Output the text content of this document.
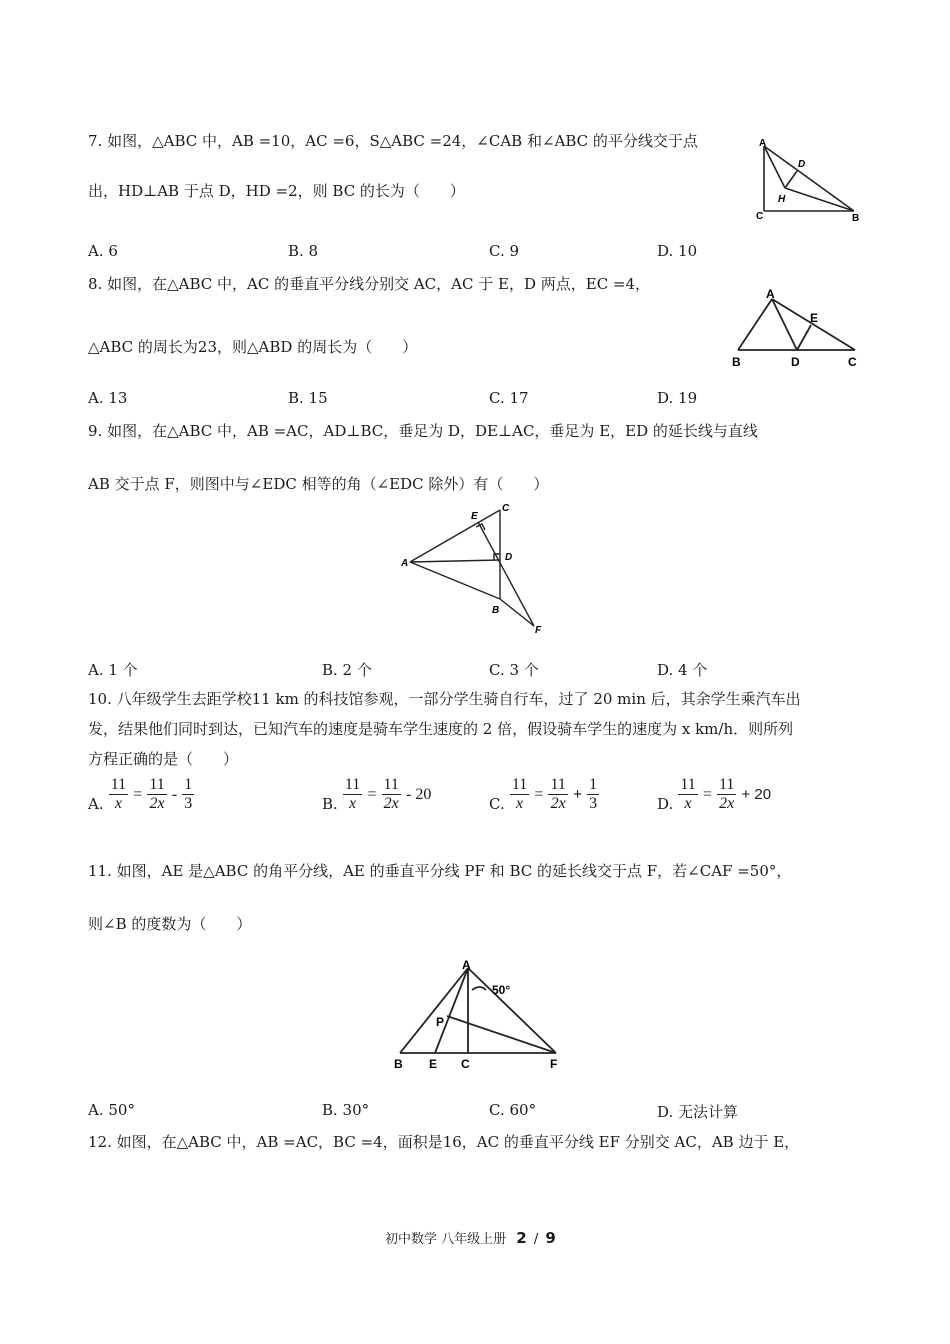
7. 如图，△ABC 中，AB =10，AC =6，S△ABC =24，∠CAB 和∠ABC 的平分线交于点
出，HD⊥AB 于点 D，HD =2，则 BC 的长为（　　）
A
D
H
C	B
A. 6	B. 8	C. 9	D. 10
8. 如图，在△ABC 中，AC 的垂直平分线分别交 AC，AC 于 E，D 两点，EC =4，
△ABC 的周长为23，则△ABD 的周长为（　　）
A
E
B	D	C
A. 13	B. 15	C. 17	D. 19
9. 如图，在△ABC 中，AB =AC，AD⊥BC，垂足为 D，DE⊥AC，垂足为 E，ED 的延长线与直线
AB 交于点 F，则图中与∠EDC 相等的角（∠EDC 除外）有（　　）
E
C
A
D
B
F
A. 1 个	B. 2 个	C. 3 个	D. 4 个
10. 八年级学生去距学校11 km 的科技馆参观，一部分学生骑自行车，过了 20 min 后，其余学生乘汽车出
发，结果他们同时到达，已知汽车的速度是骑车学生速度的 2 倍，假设骑车学生的速度为 x km/h．则所列
方程正确的是（　　）
A. $\frac{11}{x} = \frac{11}{2x} - \frac{1}{3}$	B. $\frac{11}{x} = \frac{11}{2x} - 20$
C. $\frac{11}{x} = \frac{11}{2x} + \frac{1}{3}$	D. $\frac{11}{x} = \frac{11}{2x} + 20$
11. 如图，AE 是△ABC 的角平分线，AE 的垂直平分线 PF 和 BC 的延长线交于点 F，若∠CAF =50°，
则∠B 的度数为（　　）
A
50°
P
B E C	F
A. 50°	B. 30°	C. 60°	D. 无法计算
12. 如图，在△ABC 中，AB =AC，BC =4，面积是16，AC 的垂直平分线 EF 分别交 AC，AB 边于 E，
初中数学 八年级上册 2 / 9
